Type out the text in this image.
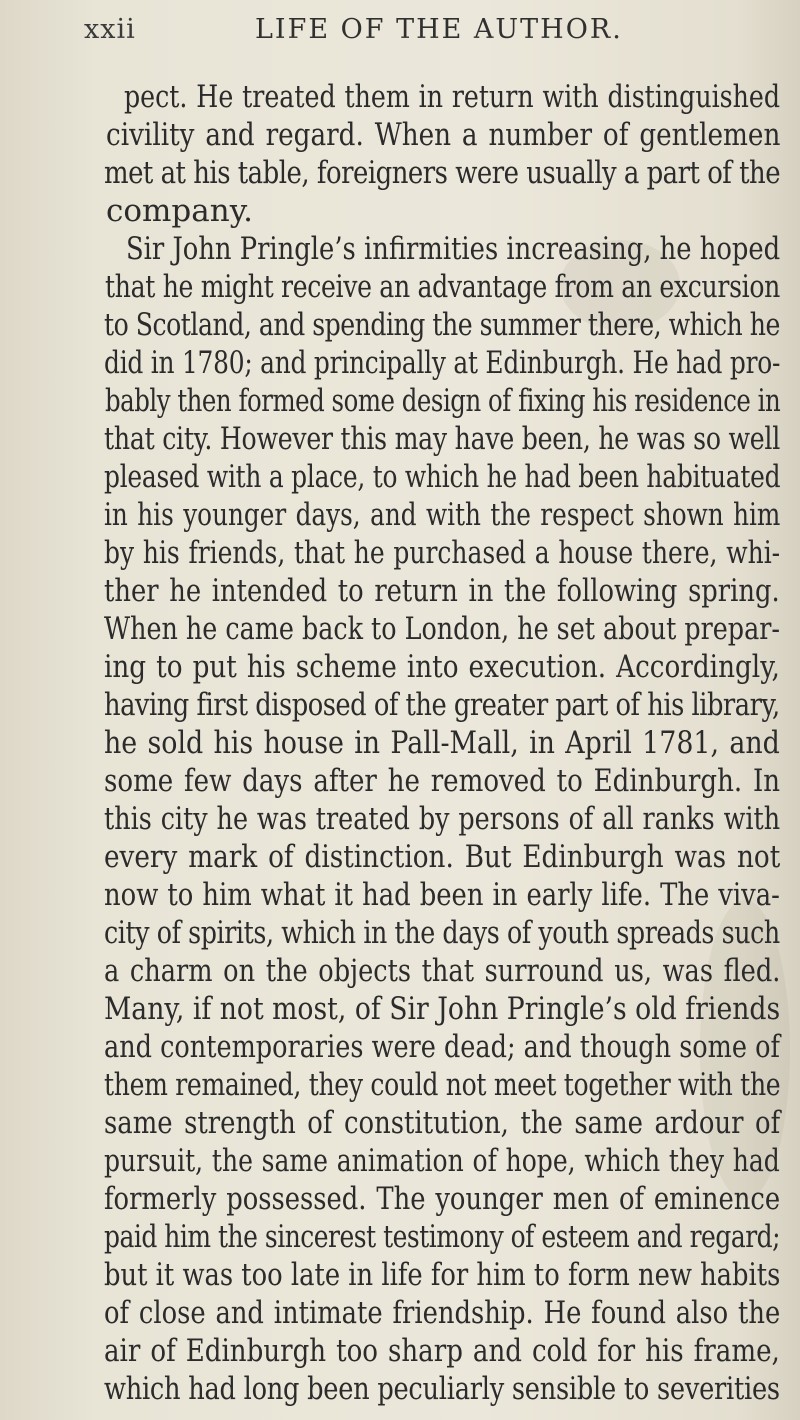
xxii	LIFE OF THE AUTHOR.
pect. He treated them in return with distinguished
civility and regard. When a number of gentlemen
met at his table, foreigners were usually a part of the
company.
Sir John Pringle’s infirmities increasing, he hoped
that he might receive an advantage from an excursion
to Scotland, and spending the summer there, which he
did in 1780; and principally at Edinburgh. He had pro-
bably then formed some design of fixing his residence in
that city. However this may have been, he was so well
pleased with a place, to which he had been habituated
in his younger days, and with the respect shown him
by his friends, that he purchased a house there, whi-
ther he intended to return in the following spring.
When he came back to London, he set about prepar-
ing to put his scheme into execution. Accordingly,
having first disposed of the greater part of his library,
he sold his house in Pall-Mall, in April 1781, and
some few days after he removed to Edinburgh. In
this city he was treated by persons of all ranks with
every mark of distinction. But Edinburgh was not
now to him what it had been in early life. The viva-
city of spirits, which in the days of youth spreads such
a charm on the objects that surround us, was fled.
Many, if not most, of Sir John Pringle’s old friends
and contemporaries were dead; and though some of
them remained, they could not meet together with the
same strength of constitution, the same ardour of
pursuit, the same animation of hope, which they had
formerly possessed. The younger men of eminence
paid him the sincerest testimony of esteem and regard;
but it was too late in life for him to form new habits
of close and intimate friendship. He found also the
air of Edinburgh too sharp and cold for his frame,
which had long been peculiarly sensible to severities
